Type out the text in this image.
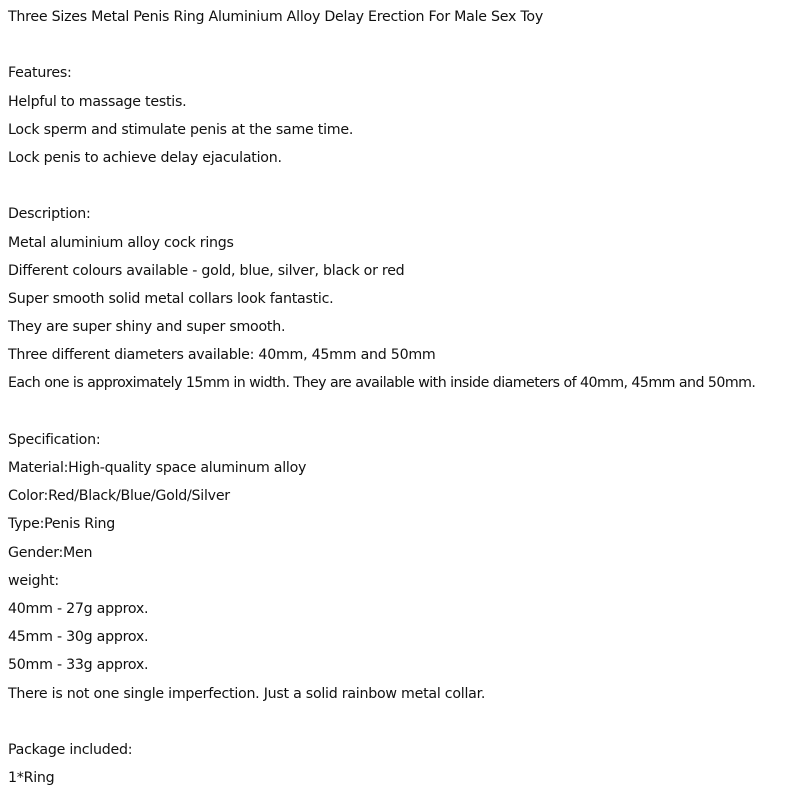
Three Sizes Metal Penis Ring Aluminium Alloy Delay Erection For Male Sex Toy
Features:
Helpful to massage testis.
Lock sperm and stimulate penis at the same time.
Lock penis to achieve delay ejaculation.
Description:
Metal aluminium alloy cock rings
Different colours available - gold, blue, silver, black or red
Super smooth solid metal collars look fantastic.
They are super shiny and super smooth.
Three different diameters available: 40mm, 45mm and 50mm
Each one is approximately 15mm in width. They are available with inside diameters of 40mm, 45mm and 50mm.
Specification:
Material:High-quality space aluminum alloy
Color:Red/Black/Blue/Gold/Silver
Type:Penis Ring
Gender:Men
weight:
40mm - 27g approx.
45mm - 30g approx.
50mm - 33g approx.
There is not one single imperfection. Just a solid rainbow metal collar.
Package included:
1*Ring
